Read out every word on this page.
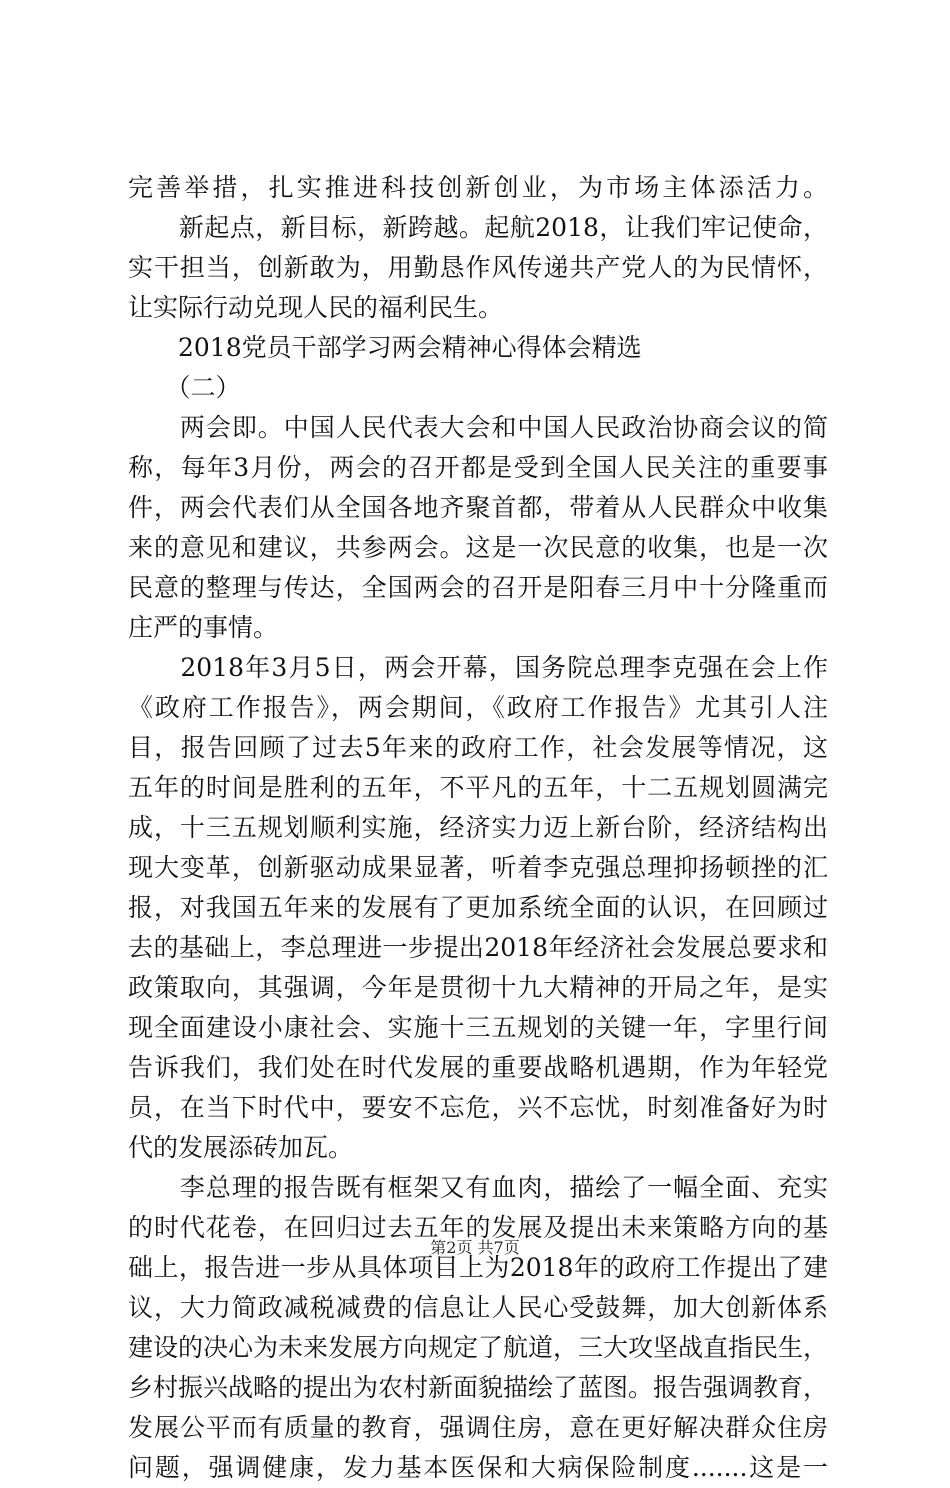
完善举措，扎实推进科技创新创业，为市场主体添活力。
　　新起点，新目标，新跨越。起航2018，让我们牢记使命，
实干担当，创新敢为，用勤恳作风传递共产党人的为民情怀，
让实际行动兑现人民的福利民生。
　　2018党员干部学习两会精神心得体会精选
　　（二）
　　两会即。中国人民代表大会和中国人民政治协商会议的简
称，每年3月份，两会的召开都是受到全国人民关注的重要事
件，两会代表们从全国各地齐聚首都，带着从人民群众中收集
来的意见和建议，共参两会。这是一次民意的收集，也是一次
民意的整理与传达，全国两会的召开是阳春三月中十分隆重而
庄严的事情。
　　2018年3月5日，两会开幕，国务院总理李克强在会上作
《政府工作报告》，两会期间，《政府工作报告》尤其引人注
目，报告回顾了过去5年来的政府工作，社会发展等情况，这
五年的时间是胜利的五年，不平凡的五年，十二五规划圆满完
成，十三五规划顺利实施，经济实力迈上新台阶，经济结构出
现大变革，创新驱动成果显著，听着李克强总理抑扬顿挫的汇
报，对我国五年来的发展有了更加系统全面的认识，在回顾过
去的基础上，李总理进一步提出2018年经济社会发展总要求和
政策取向，其强调，今年是贯彻十九大精神的开局之年，是实
现全面建设小康社会、实施十三五规划的关键一年，字里行间
告诉我们，我们处在时代发展的重要战略机遇期，作为年轻党
员，在当下时代中，要安不忘危，兴不忘忧，时刻准备好为时
代的发展添砖加瓦。
　　李总理的报告既有框架又有血肉，描绘了一幅全面、充实
的时代花卷，在回归过去五年的发展及提出未来策略方向的基
础上，报告进一步从具体项目上为2018年的政府工作提出了建
议，大力简政减税减费的信息让人民心受鼓舞，加大创新体系
建设的决心为未来发展方向规定了航道，三大攻坚战直指民生，
乡村振兴战略的提出为农村新面貌描绘了蓝图。报告强调教育，
发展公平而有质量的教育，强调住房，意在更好解决群众住房
问题，强调健康，发力基本医保和大病保险制度.......这是一
第2页 共7页
